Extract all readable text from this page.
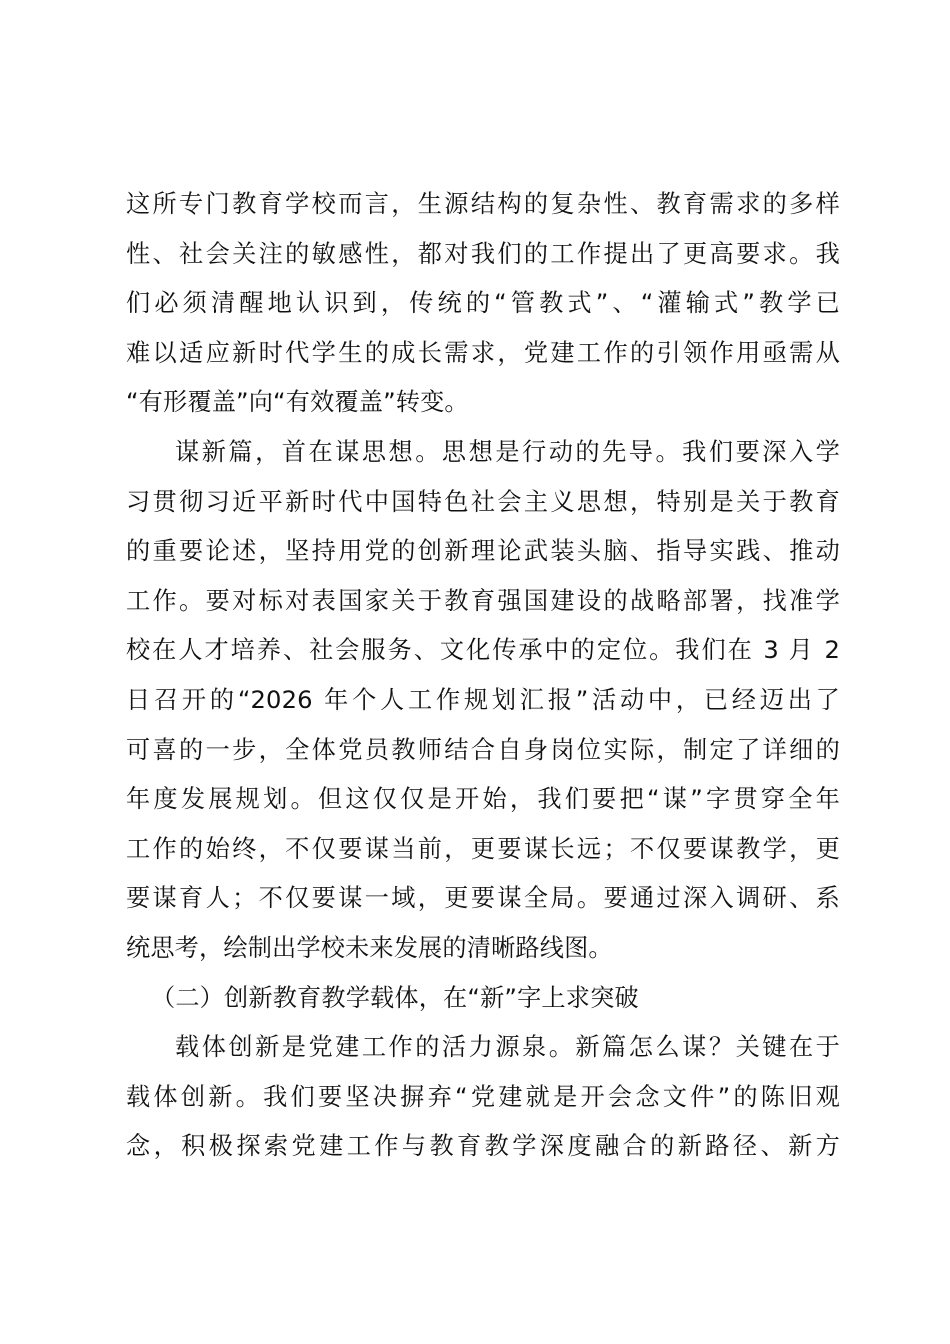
这所专门教育学校而言，生源结构的复杂性、教育需求的多样
性、社会关注的敏感性，都对我们的工作提出了更高要求。我
们必须清醒地认识到，传统的“管教式”、“灌输式”教学已
难以适应新时代学生的成长需求，党建工作的引领作用亟需从
“有形覆盖”向“有效覆盖”转变。
谋新篇，首在谋思想。思想是行动的先导。我们要深入学
习贯彻习近平新时代中国特色社会主义思想，特别是关于教育
的重要论述，坚持用党的创新理论武装头脑、指导实践、推动
工作。要对标对表国家关于教育强国建设的战略部署，找准学
校在人才培养、社会服务、文化传承中的定位。我们在 3 月 2
日召开的“2026 年个人工作规划汇报”活动中，已经迈出了
可喜的一步，全体党员教师结合自身岗位实际，制定了详细的
年度发展规划。但这仅仅是开始，我们要把“谋”字贯穿全年
工作的始终，不仅要谋当前，更要谋长远；不仅要谋教学，更
要谋育人；不仅要谋一域，更要谋全局。要通过深入调研、系
统思考，绘制出学校未来发展的清晰路线图。
（二）创新教育教学载体，在“新”字上求突破
载体创新是党建工作的活力源泉。新篇怎么谋？关键在于
载体创新。我们要坚决摒弃“党建就是开会念文件”的陈旧观
念，积极探索党建工作与教育教学深度融合的新路径、新方
